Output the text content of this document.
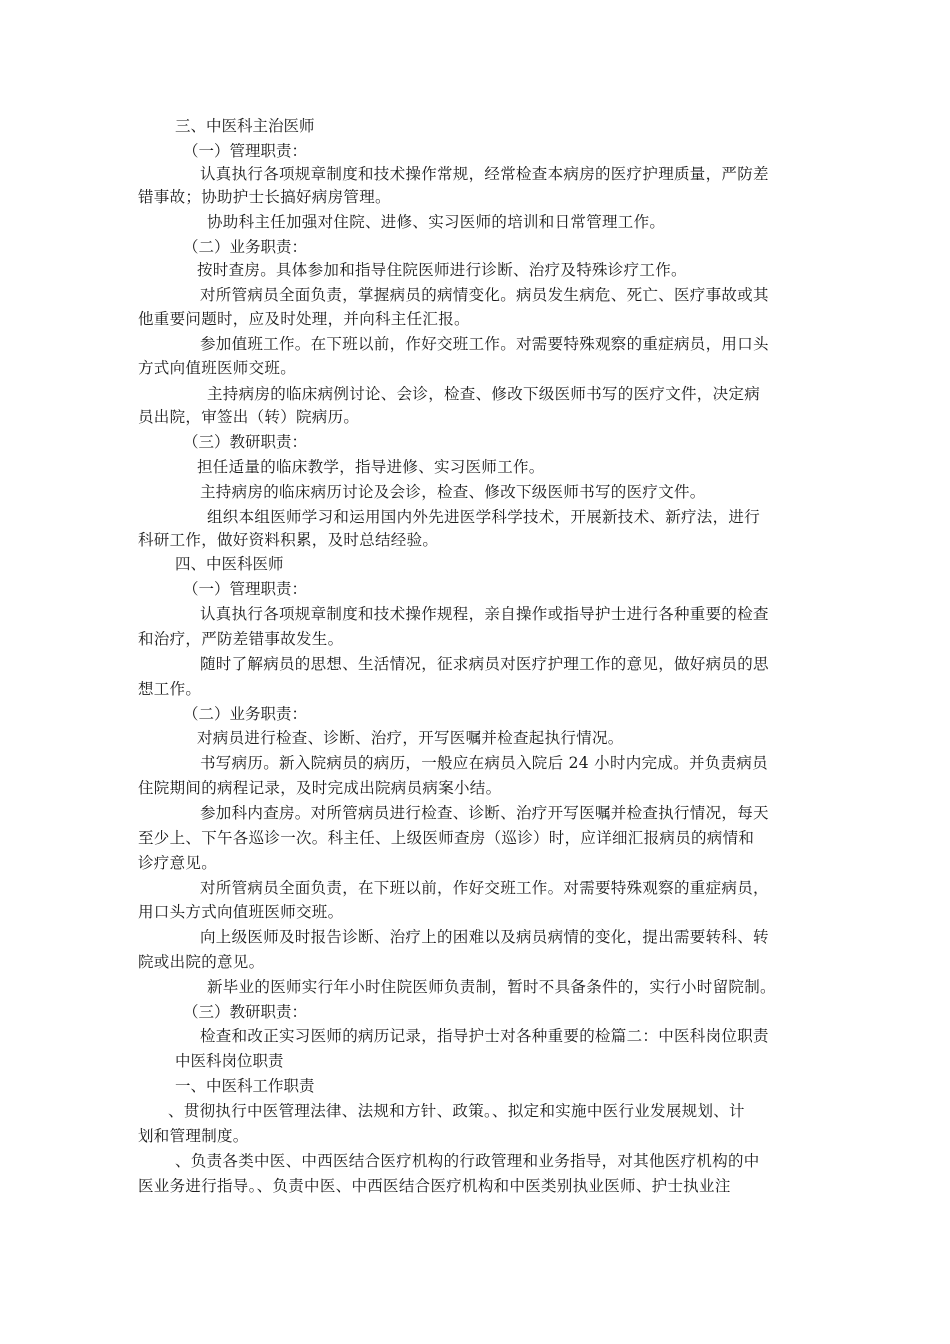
三、中医科主治医师
（一）管理职责：
认真执行各项规章制度和技术操作常规，经常检查本病房的医疗护理质量，严防差
错事故；协助护士长搞好病房管理。
协助科主任加强对住院、进修、实习医师的培训和日常管理工作。
（二）业务职责：
按时查房。具体参加和指导住院医师进行诊断、治疗及特殊诊疗工作。
对所管病员全面负责，掌握病员的病情变化。病员发生病危、死亡、医疗事故或其
他重要问题时，应及时处理，并向科主任汇报。
参加值班工作。在下班以前，作好交班工作。对需要特殊观察的重症病员，用口头
方式向值班医师交班。
主持病房的临床病例讨论、会诊，检查、修改下级医师书写的医疗文件，决定病
员出院，审签出（转）院病历。
（三）教研职责：
担任适量的临床教学，指导进修、实习医师工作。
主持病房的临床病历讨论及会诊，检查、修改下级医师书写的医疗文件。
组织本组医师学习和运用国内外先进医学科学技术，开展新技术、新疗法，进行
科研工作，做好资料积累，及时总结经验。
四、中医科医师
（一）管理职责：
认真执行各项规章制度和技术操作规程，亲自操作或指导护士进行各种重要的检查
和治疗，严防差错事故发生。
随时了解病员的思想、生活情况，征求病员对医疗护理工作的意见，做好病员的思
想工作。
（二）业务职责：
对病员进行检查、诊断、治疗，开写医嘱并检查起执行情况。
书写病历。新入院病员的病历，一般应在病员入院后 24 小时内完成。并负责病员
住院期间的病程记录，及时完成出院病员病案小结。
参加科内查房。对所管病员进行检查、诊断、治疗开写医嘱并检查执行情况，每天
至少上、下午各巡诊一次。科主任、上级医师查房（巡诊）时，应详细汇报病员的病情和
诊疗意见。
对所管病员全面负责，在下班以前，作好交班工作。对需要特殊观察的重症病员，
用口头方式向值班医师交班。
向上级医师及时报告诊断、治疗上的困难以及病员病情的变化，提出需要转科、转
院或出院的意见。
新毕业的医师实行年小时住院医师负责制，暂时不具备条件的，实行小时留院制。
（三）教研职责：
检查和改正实习医师的病历记录，指导护士对各种重要的检篇二：中医科岗位职责
中医科岗位职责
一、中医科工作职责
、贯彻执行中医管理法律、法规和方针、政策。、拟定和实施中医行业发展规划、计
划和管理制度。
、负责各类中医、中西医结合医疗机构的行政管理和业务指导，对其他医疗机构的中
医业务进行指导。、负责中医、中西医结合医疗机构和中医类别执业医师、护士执业注
